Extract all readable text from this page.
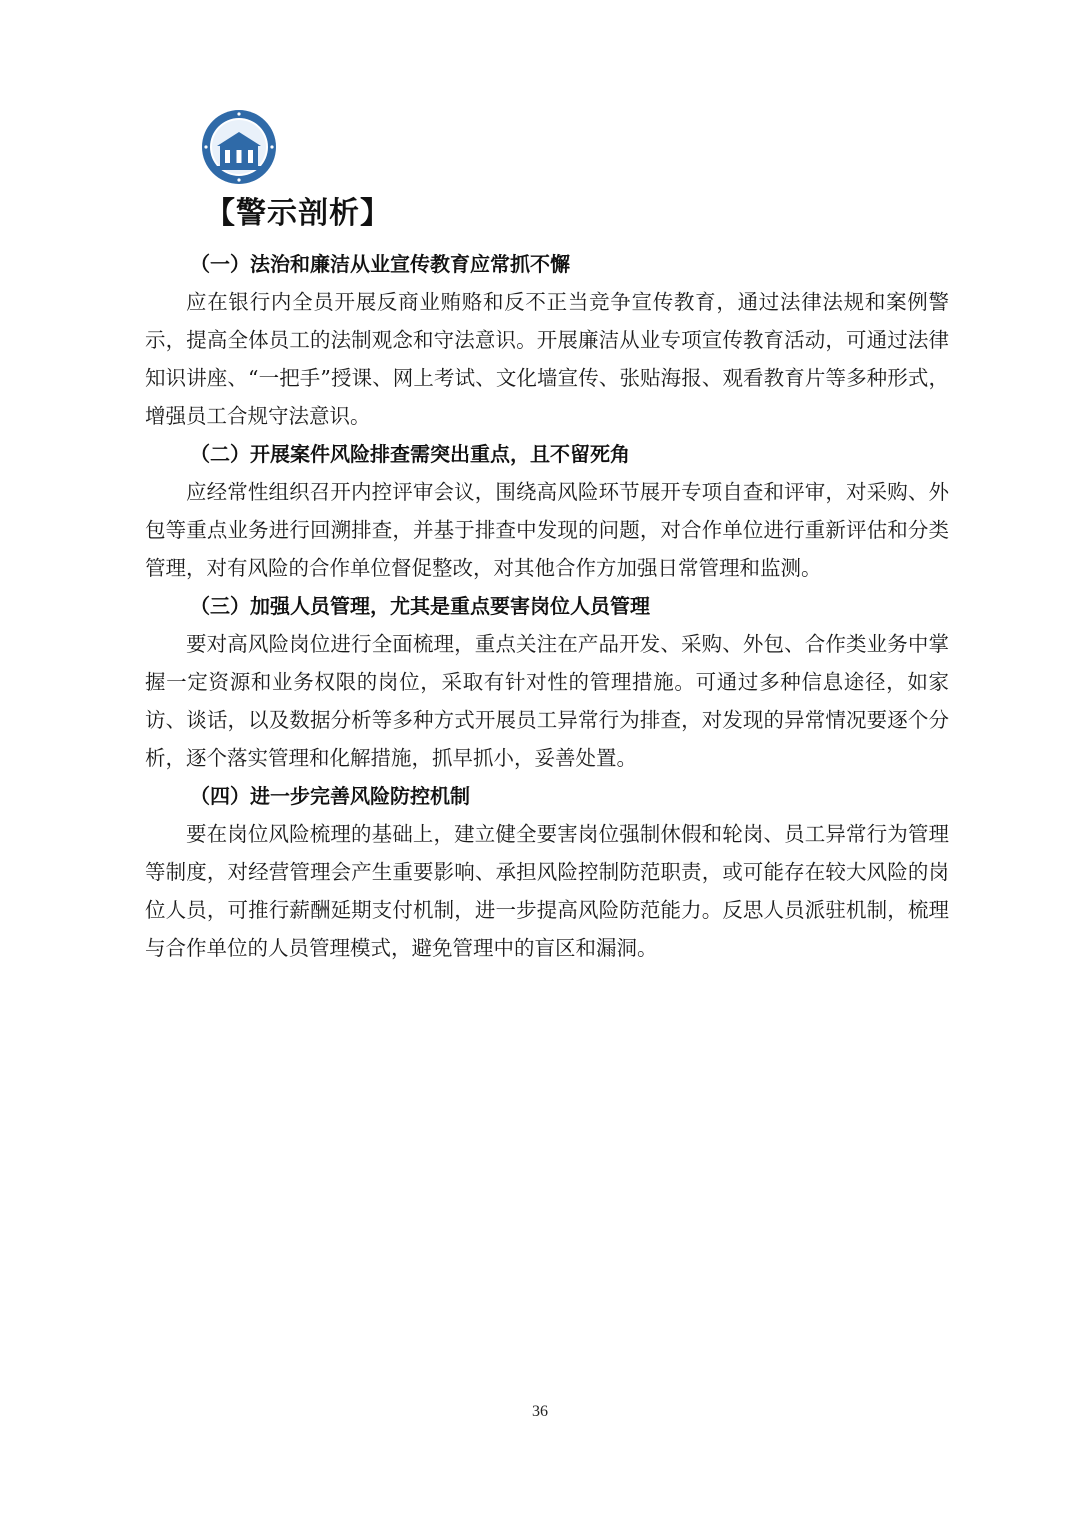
【警示剖析】
（一）法治和廉洁从业宣传教育应常抓不懈

应在银行内全员开展反商业贿赂和反不正当竞争宣传教育，通过法律法规和案例警示，提高全体员工的法制观念和守法意识。开展廉洁从业专项宣传教育活动，可通过法律知识讲座、“一把手”授课、网上考试、文化墙宣传、张贴海报、观看教育片等多种形式，增强员工合规守法意识。

（二）开展案件风险排查需突出重点，且不留死角

应经常性组织召开内控评审会议，围绕高风险环节展开专项自查和评审，对采购、外包等重点业务进行回溯排查，并基于排查中发现的问题，对合作单位进行重新评估和分类管理，对有风险的合作单位督促整改，对其他合作方加强日常管理和监测。

（三）加强人员管理，尤其是重点要害岗位人员管理

要对高风险岗位进行全面梳理，重点关注在产品开发、采购、外包、合作类业务中掌握一定资源和业务权限的岗位，采取有针对性的管理措施。可通过多种信息途径，如家访、谈话，以及数据分析等多种方式开展员工异常行为排查，对发现的异常情况要逐个分析，逐个落实管理和化解措施，抓早抓小，妥善处置。

（四）进一步完善风险防控机制

要在岗位风险梳理的基础上，建立健全要害岗位强制休假和轮岗、员工异常行为管理等制度，对经营管理会产生重要影响、承担风险控制防范职责，或可能存在较大风险的岗位人员，可推行薪酬延期支付机制，进一步提高风险防范能力。反思人员派驻机制，梳理与合作单位的人员管理模式，避免管理中的盲区和漏洞。

36
